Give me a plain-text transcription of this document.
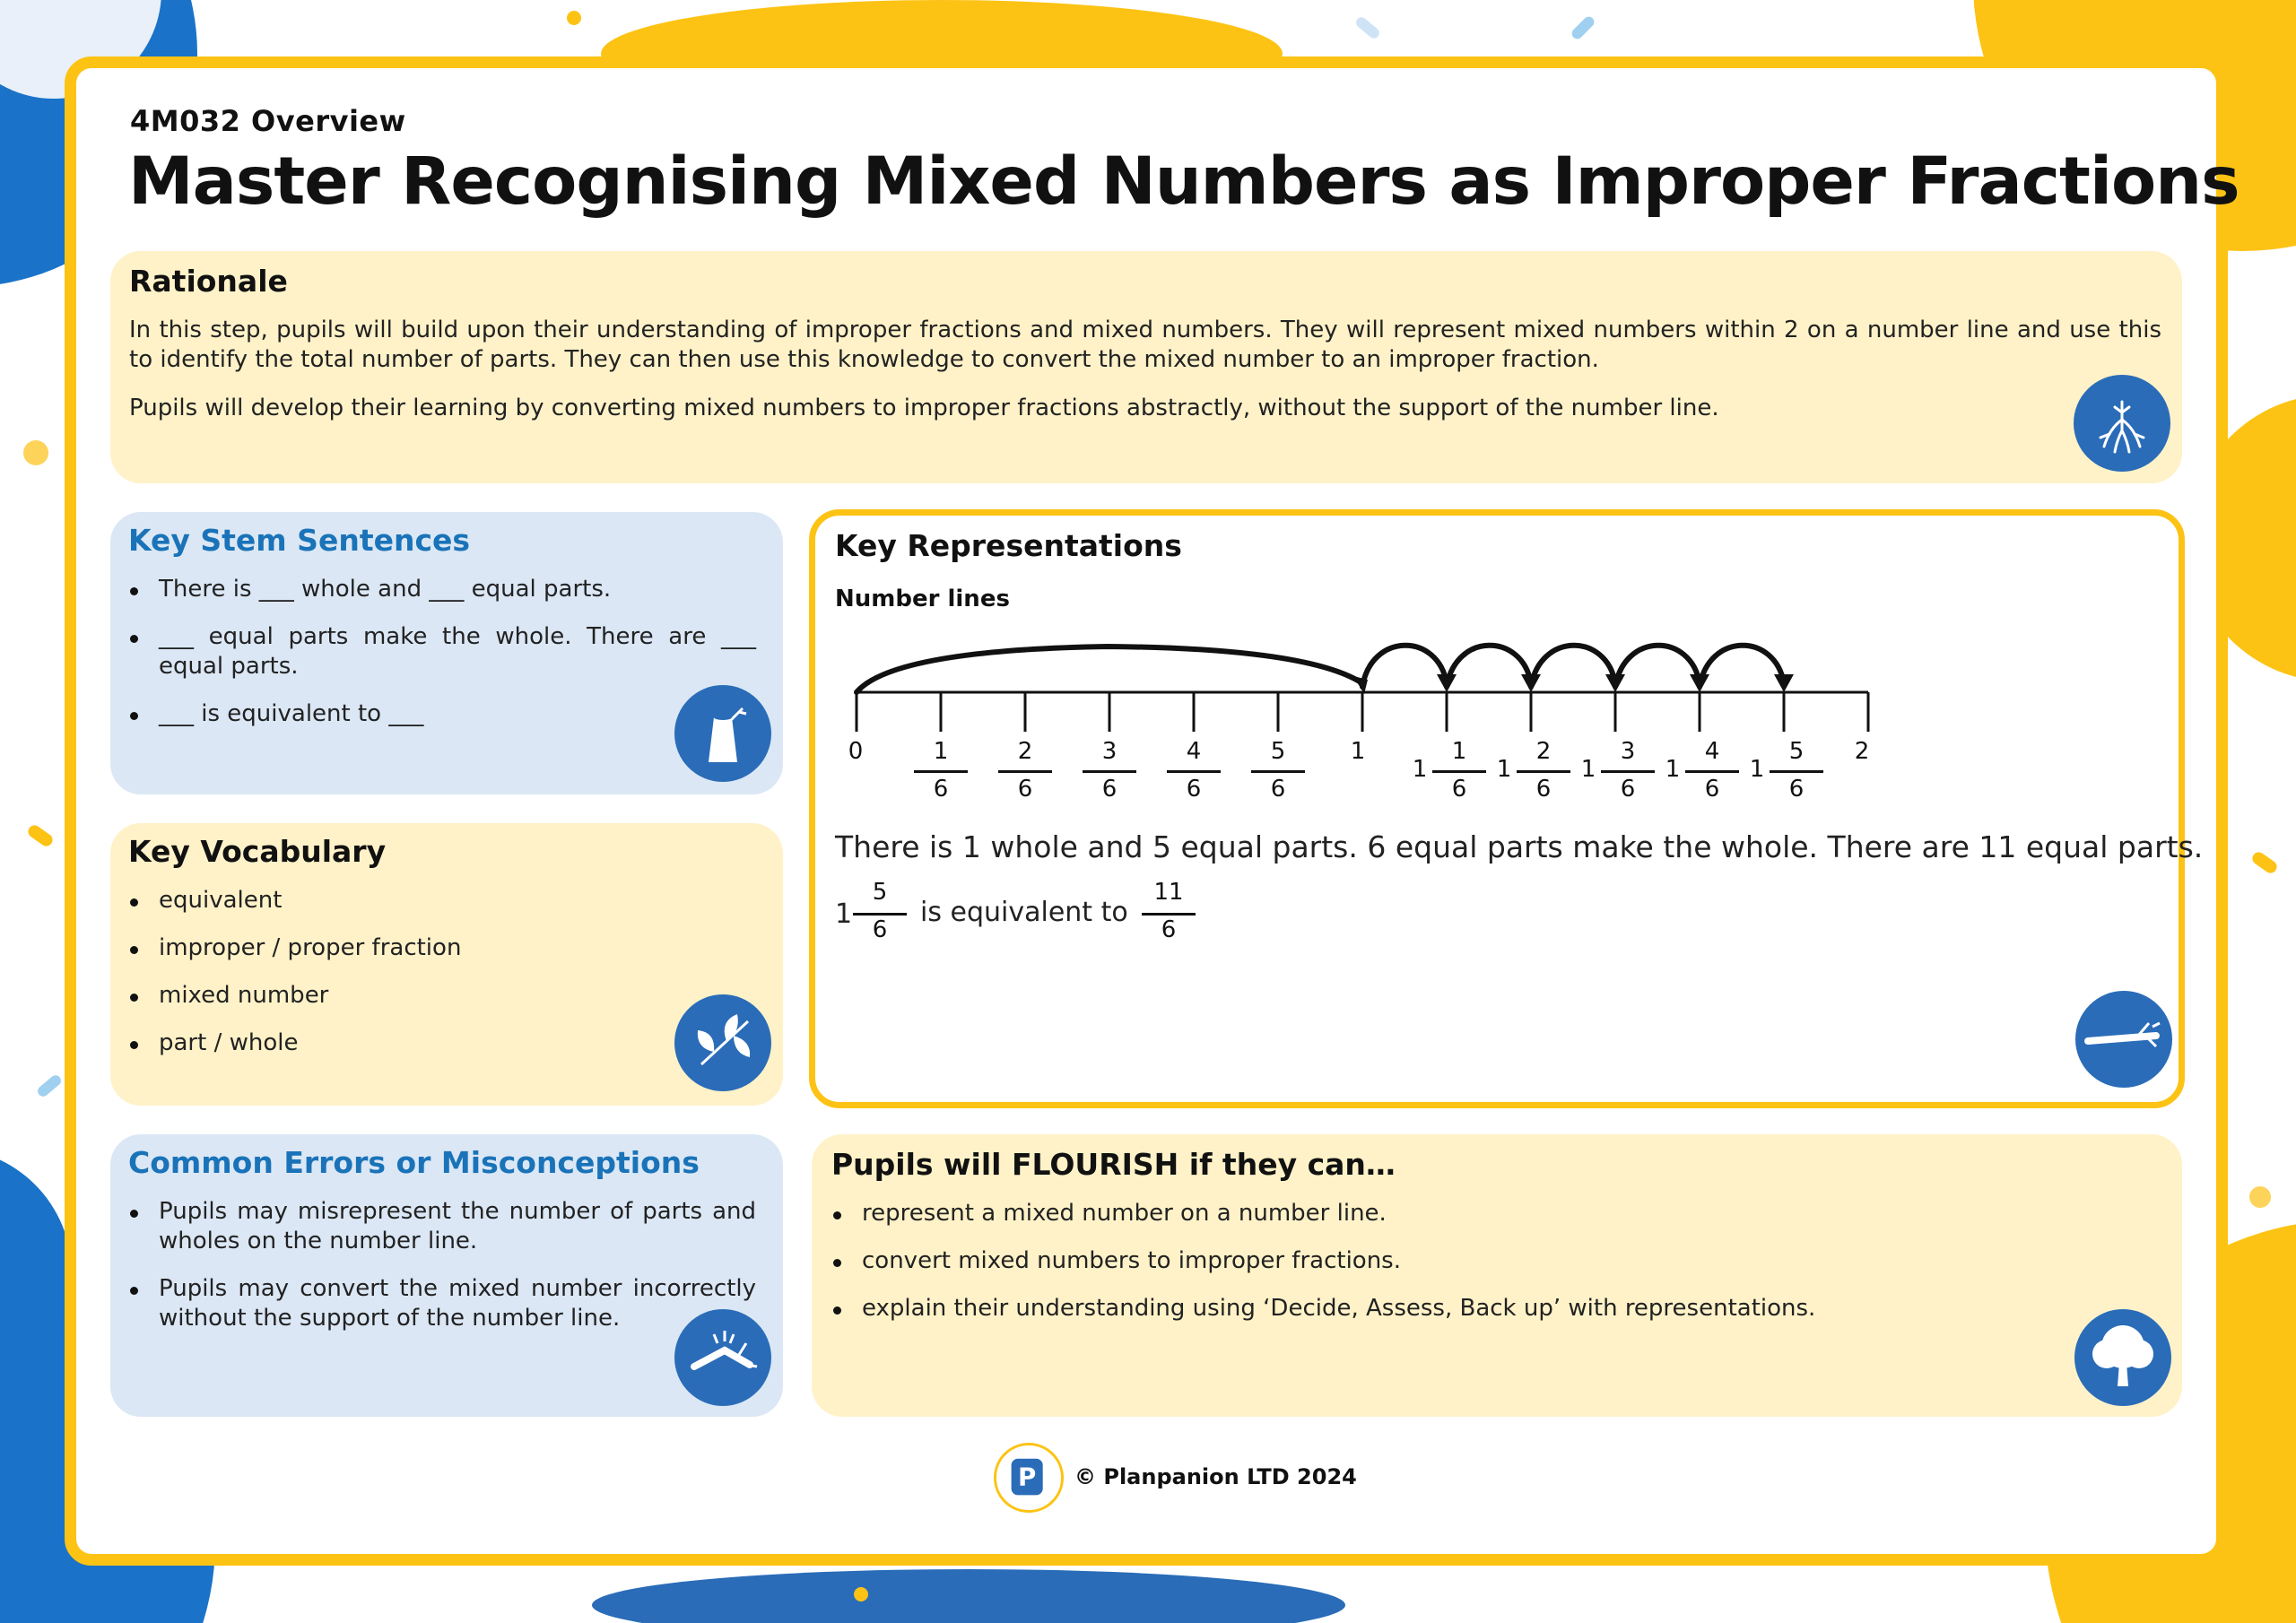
4M032 Overview
Master Recognising Mixed Numbers as Improper Fractions
Rationale

In this step, pupils will build upon their understanding of improper fractions and mixed numbers. They will represent mixed numbers within 2 on a number line and use this to identify the total number of parts. They can then use this knowledge to convert the mixed number to an improper fraction.

Pupils will develop their learning by converting mixed numbers to improper fractions abstractly, without the support of the number line.

Key Stem Sentences
There is ___ whole and ___ equal parts.
___ equal parts make the whole. There are ___ equal parts.
___ is equivalent to ___
Key Vocabulary
equivalent
improper / proper fraction
mixed number
part / whole
Common Errors or Misconceptions
Pupils may misrepresent the number of parts and wholes on the number line.
Pupils may convert the mixed number incorrectly without the support of the number line.
Key Representations
Number lines
0	1	2
1
6
2
6
3
6
4
6
5
6
1
6
1
2
6
1
3
6
1
4
6
1
5
6
1
There is 1 whole and 5 equal parts. 6 equal parts make the whole. There are 11 equal parts.
1
5
6
is equivalent to
11
6
Pupils will FLOURISH if they can…
represent a mixed number on a number line.
convert mixed numbers to improper fractions.
explain their understanding using ‘Decide, Assess, Back up’ with representations.
P © Planpanion LTD 2024
